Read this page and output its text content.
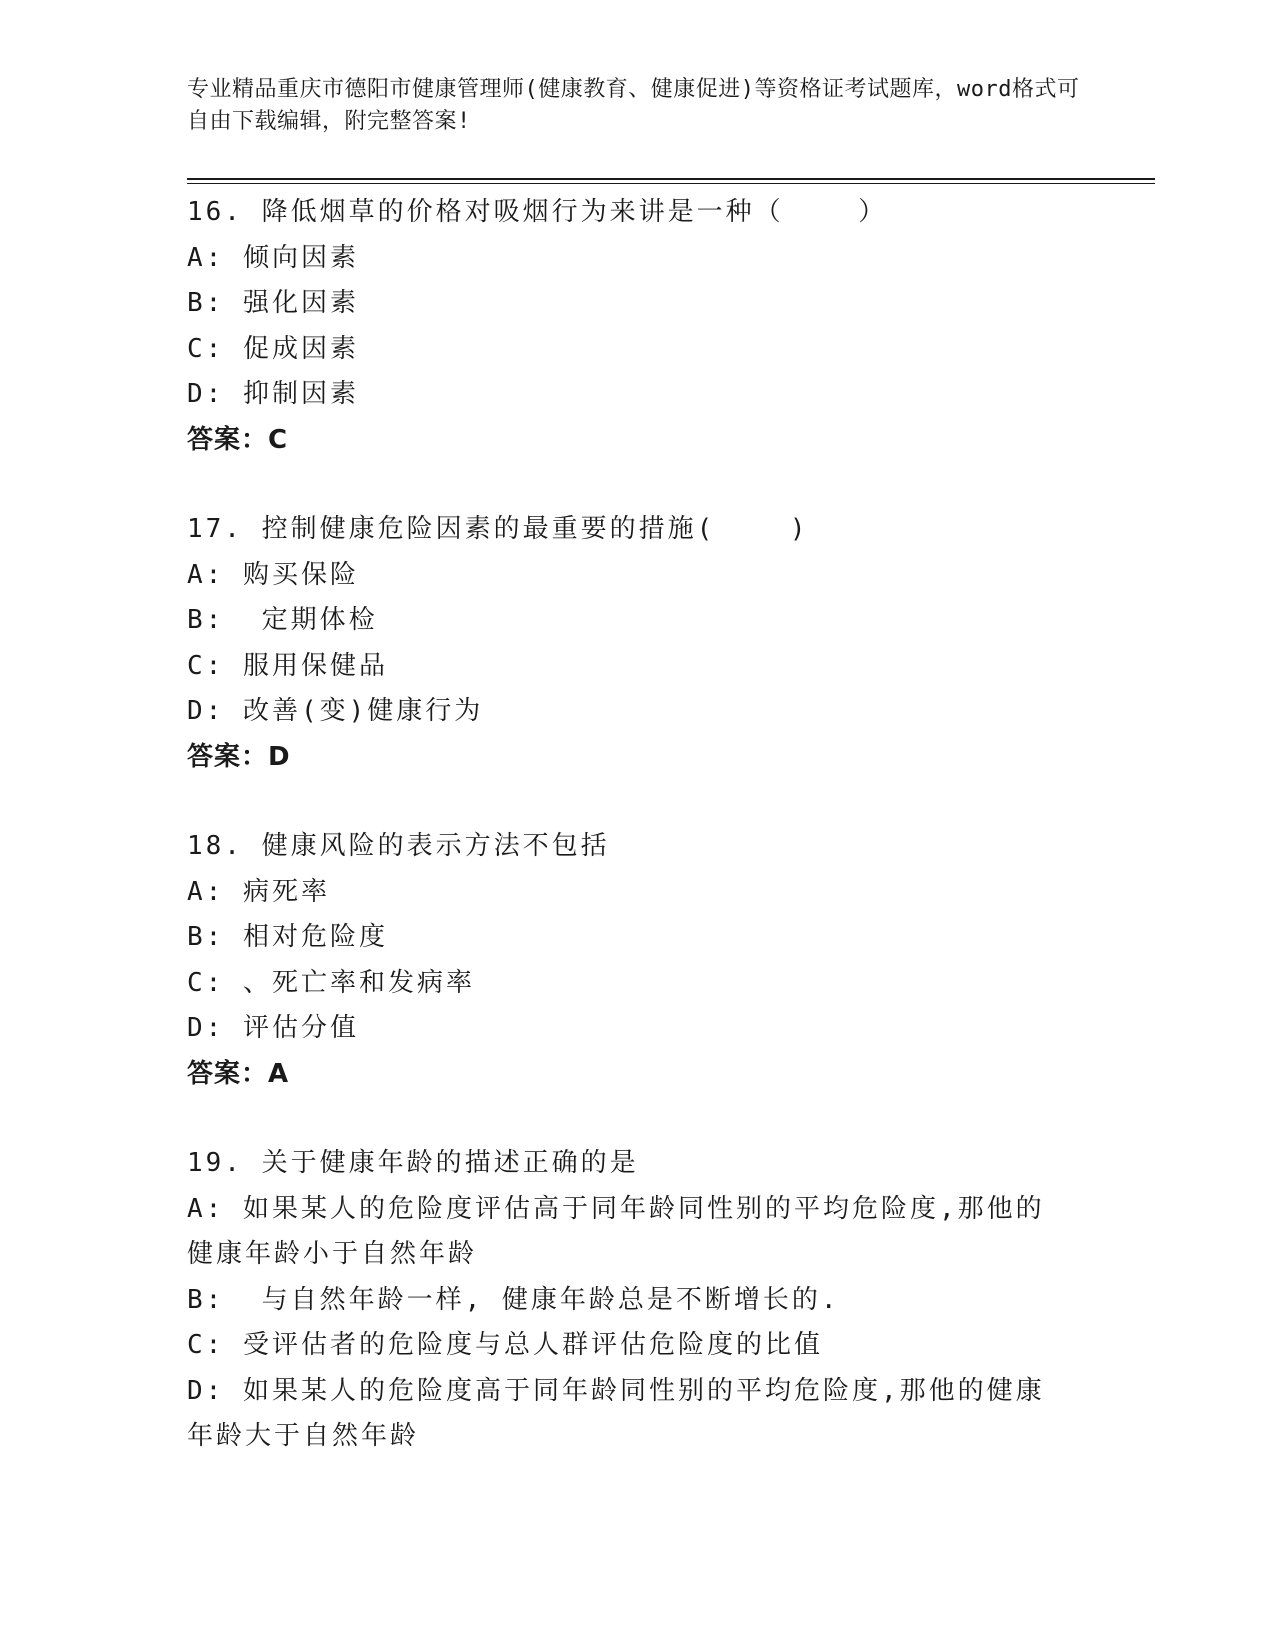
专业精品重庆市德阳市健康管理师(健康教育、健康促进)等资格证考试题库，word格式可自由下载编辑，附完整答案!
16. 降低烟草的价格对吸烟行为来讲是一种（    ）
A: 倾向因素
B: 强化因素
C: 促成因素
D: 抑制因素
答案：C
17. 控制健康危险因素的最重要的措施(    )
A: 购买保险
B:  定期体检
C: 服用保健品
D: 改善(变)健康行为
答案：D
18. 健康风险的表示方法不包括
A: 病死率
B: 相对危险度
C: 、死亡率和发病率
D: 评估分值
答案：A
19. 关于健康年龄的描述正确的是
A: 如果某人的危险度评估高于同年龄同性别的平均危险度,那他的健康年龄小于自然年龄
B:  与自然年龄一样, 健康年龄总是不断增长的.
C: 受评估者的危险度与总人群评估危险度的比值
D: 如果某人的危险度高于同年龄同性别的平均危险度,那他的健康年龄大于自然年龄
